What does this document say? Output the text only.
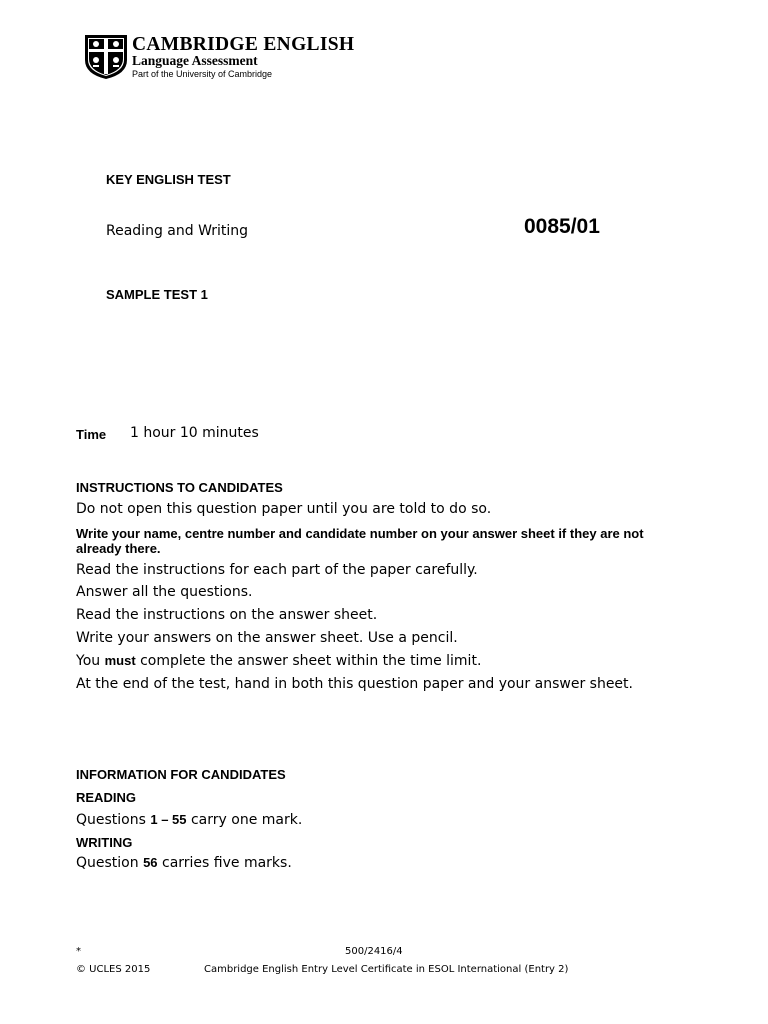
CAMBRIDGE ENGLISH
Language Assessment
Part of the University of Cambridge
KEY ENGLISH TEST
Reading and Writing	0085/01
SAMPLE TEST 1
Time 1 hour 10 minutes
INSTRUCTIONS TO CANDIDATES
Do not open this question paper until you are told to do so.
Write your name, centre number and candidate number on your answer sheet if they are not already there.
Read the instructions for each part of the paper carefully.
Answer all the questions.
Read the instructions on the answer sheet.
Write your answers on the answer sheet. Use a pencil.
You must complete the answer sheet within the time limit.
At the end of the test, hand in both this question paper and your answer sheet.
INFORMATION FOR CANDIDATES
READING
Questions 1 – 55 carry one mark.
WRITING
Question 56 carries five marks.
*	500/2416/4
© UCLES 2015	Cambridge English Entry Level Certificate in ESOL International (Entry 2)
